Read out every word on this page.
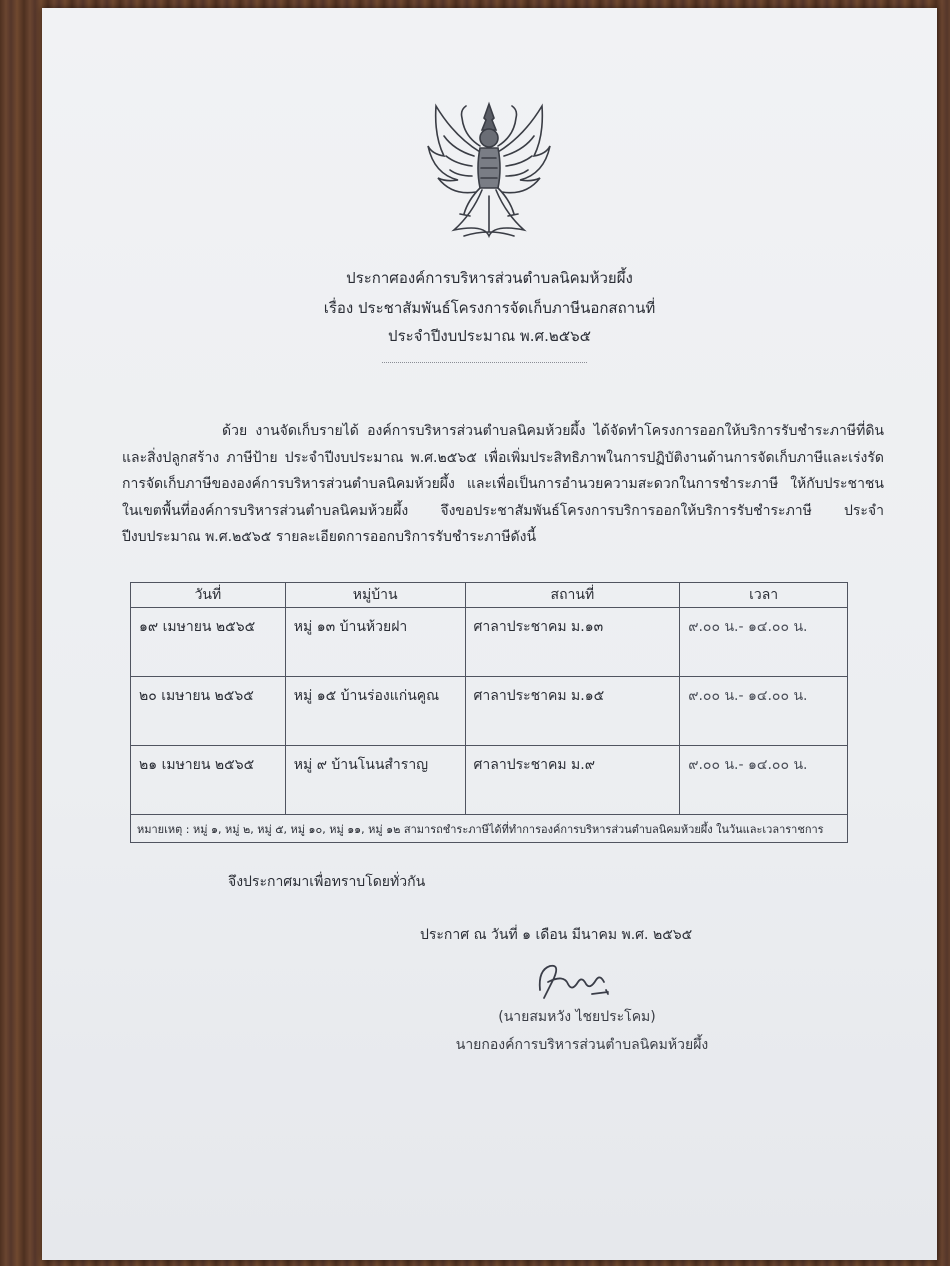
ประกาศองค์การบริหารส่วนตำบลนิคมห้วยผึ้ง
เรื่อง ประชาสัมพันธ์โครงการจัดเก็บภาษีนอกสถานที่
ประจำปีงบประมาณ พ.ศ.๒๕๖๕
ด้วย งานจัดเก็บรายได้ องค์การบริหารส่วนตำบลนิคมห้วยผึ้ง ได้จัดทำโครงการออกให้บริการรับชำระภาษีที่ดินและสิ่งปลูกสร้าง ภาษีป้าย ประจำปีงบประมาณ พ.ศ.๒๕๖๕ เพื่อเพิ่มประสิทธิภาพในการปฏิบัติงานด้านการจัดเก็บภาษีและเร่งรัดการจัดเก็บภาษีขององค์การบริหารส่วนตำบลนิคมห้วยผึ้ง และเพื่อเป็นการอำนวยความสะดวกในการชำระภาษี ให้กับประชาชนในเขตพื้นที่องค์การบริหารส่วนตำบลนิคมห้วยผึ้ง จึงขอประชาสัมพันธ์โครงการบริการออกให้บริการรับชำระภาษี ประจำปีงบประมาณ พ.ศ.๒๕๖๕ รายละเอียดการออกบริการรับชำระภาษีดังนี้
วันที่	หมู่บ้าน	สถานที่	เวลา
๑๙ เมษายน ๒๕๖๕	หมู่ ๑๓ บ้านห้วยฝา	ศาลาประชาคม ม.๑๓	๙.๐๐ น.- ๑๔.๐๐ น.
๒๐ เมษายน ๒๕๖๕	หมู่ ๑๕ บ้านร่องแก่นคูณ	ศาลาประชาคม ม.๑๕	๙.๐๐ น.- ๑๔.๐๐ น.
๒๑ เมษายน ๒๕๖๕	หมู่ ๙ บ้านโนนสำราญ	ศาลาประชาคม ม.๙	๙.๐๐ น.- ๑๔.๐๐ น.
หมายเหตุ : หมู่ ๑, หมู่ ๒, หมู่ ๕, หมู่ ๑๐, หมู่ ๑๑, หมู่ ๑๒ สามารถชำระภาษีได้ที่ทำการองค์การบริหารส่วนตำบลนิคมห้วยผึ้ง ในวันและเวลาราชการ			
จึงประกาศมาเพื่อทราบโดยทั่วกัน
ประกาศ ณ วันที่ ๑ เดือน มีนาคม พ.ศ. ๒๕๖๕
(นายสมหวัง ไชยประโคม)
นายกองค์การบริหารส่วนตำบลนิคมห้วยผึ้ง
